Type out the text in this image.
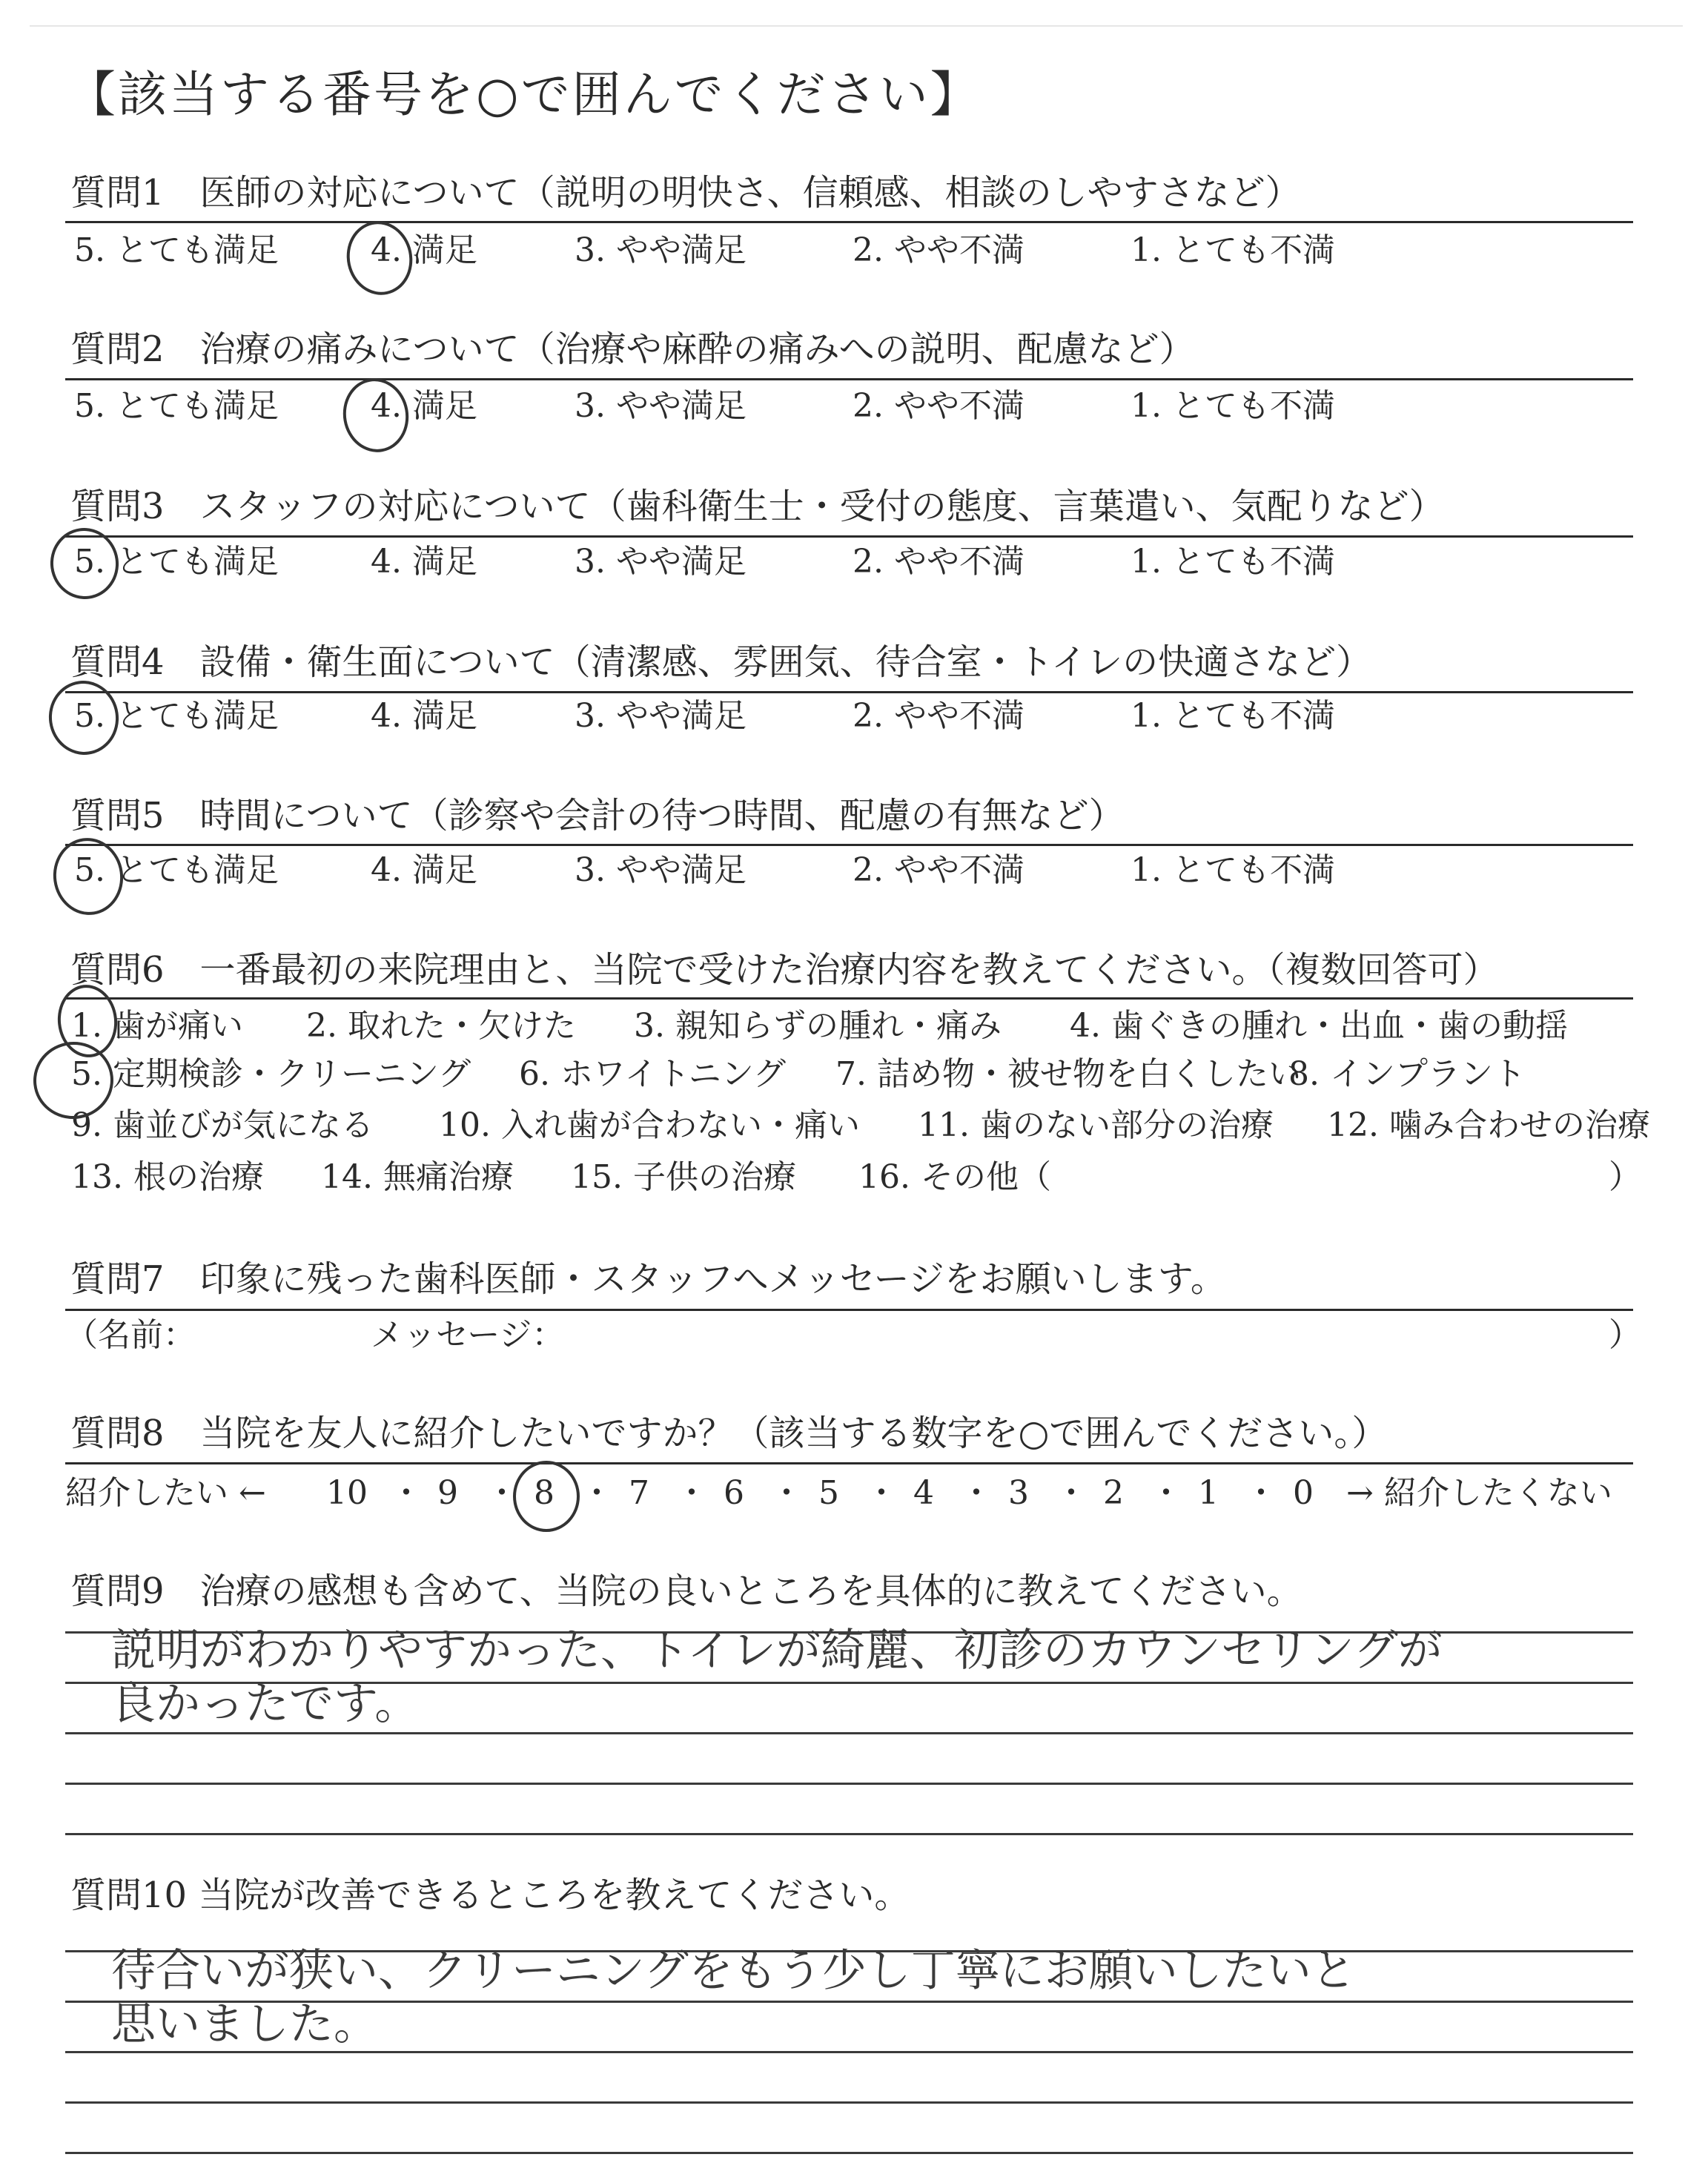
【該当する番号を○で囲んでください】
質問1　医師の対応について（説明の明快さ、信頼感、相談のしやすさなど）
5. とても満足	4. 満足	3. やや満足	2. やや不満	1. とても不満
質問2　治療の痛みについて（治療や麻酔の痛みへの説明、配慮など）
5. とても満足	4. 満足	3. やや満足	2. やや不満	1. とても不満
質問3　スタッフの対応について（歯科衛生士・受付の態度、言葉遣い、気配りなど）
5. とても満足	4. 満足	3. やや満足	2. やや不満	1. とても不満
質問4　設備・衛生面について（清潔感、雰囲気、待合室・トイレの快適さなど）
5. とても満足	4. 満足	3. やや満足	2. やや不満	1. とても不満
質問5　時間について（診察や会計の待つ時間、配慮の有無など）
5. とても満足	4. 満足	3. やや満足	2. やや不満	1. とても不満
質問6　一番最初の来院理由と、当院で受けた治療内容を教えてください。（複数回答可）
1. 歯が痛い 2. 取れた・欠けた 3. 親知らずの腫れ・痛み 4. 歯ぐきの腫れ・出血・歯の動揺
5. 定期検診・クリーニング 6. ホワイトニング 7. 詰め物・被せ物を白くしたい
8. インプラント
9. 歯並びが気になる 10. 入れ歯が合わない・痛い 11. 歯のない部分の治療 12. 噛み合わせの治療
13. 根の治療 14. 無痛治療 15. 子供の治療 16. その他（	）
質問7　印象に残った歯科医師・スタッフへメッセージをお願いします。
（名前：	メッセージ：	）
質問8　当院を友人に紹介したいですか？（該当する数字を○で囲んでください。）
紹介したい ← 10 ・ 9 ・ 8 ・ 7 ・ 6 ・ 5 ・ 4 ・ 3 ・ 2 ・ 1 ・ 0 → 紹介したくない
質問9　治療の感想も含めて、当院の良いところを具体的に教えてください。
説明がわかりやすかった、トイレが綺麗、初診のカウンセリングが
良かったです。
質問10 当院が改善できるところを教えてください。
待合いが狭い、クリーニングをもう少し丁寧にお願いしたいと
思いました。
